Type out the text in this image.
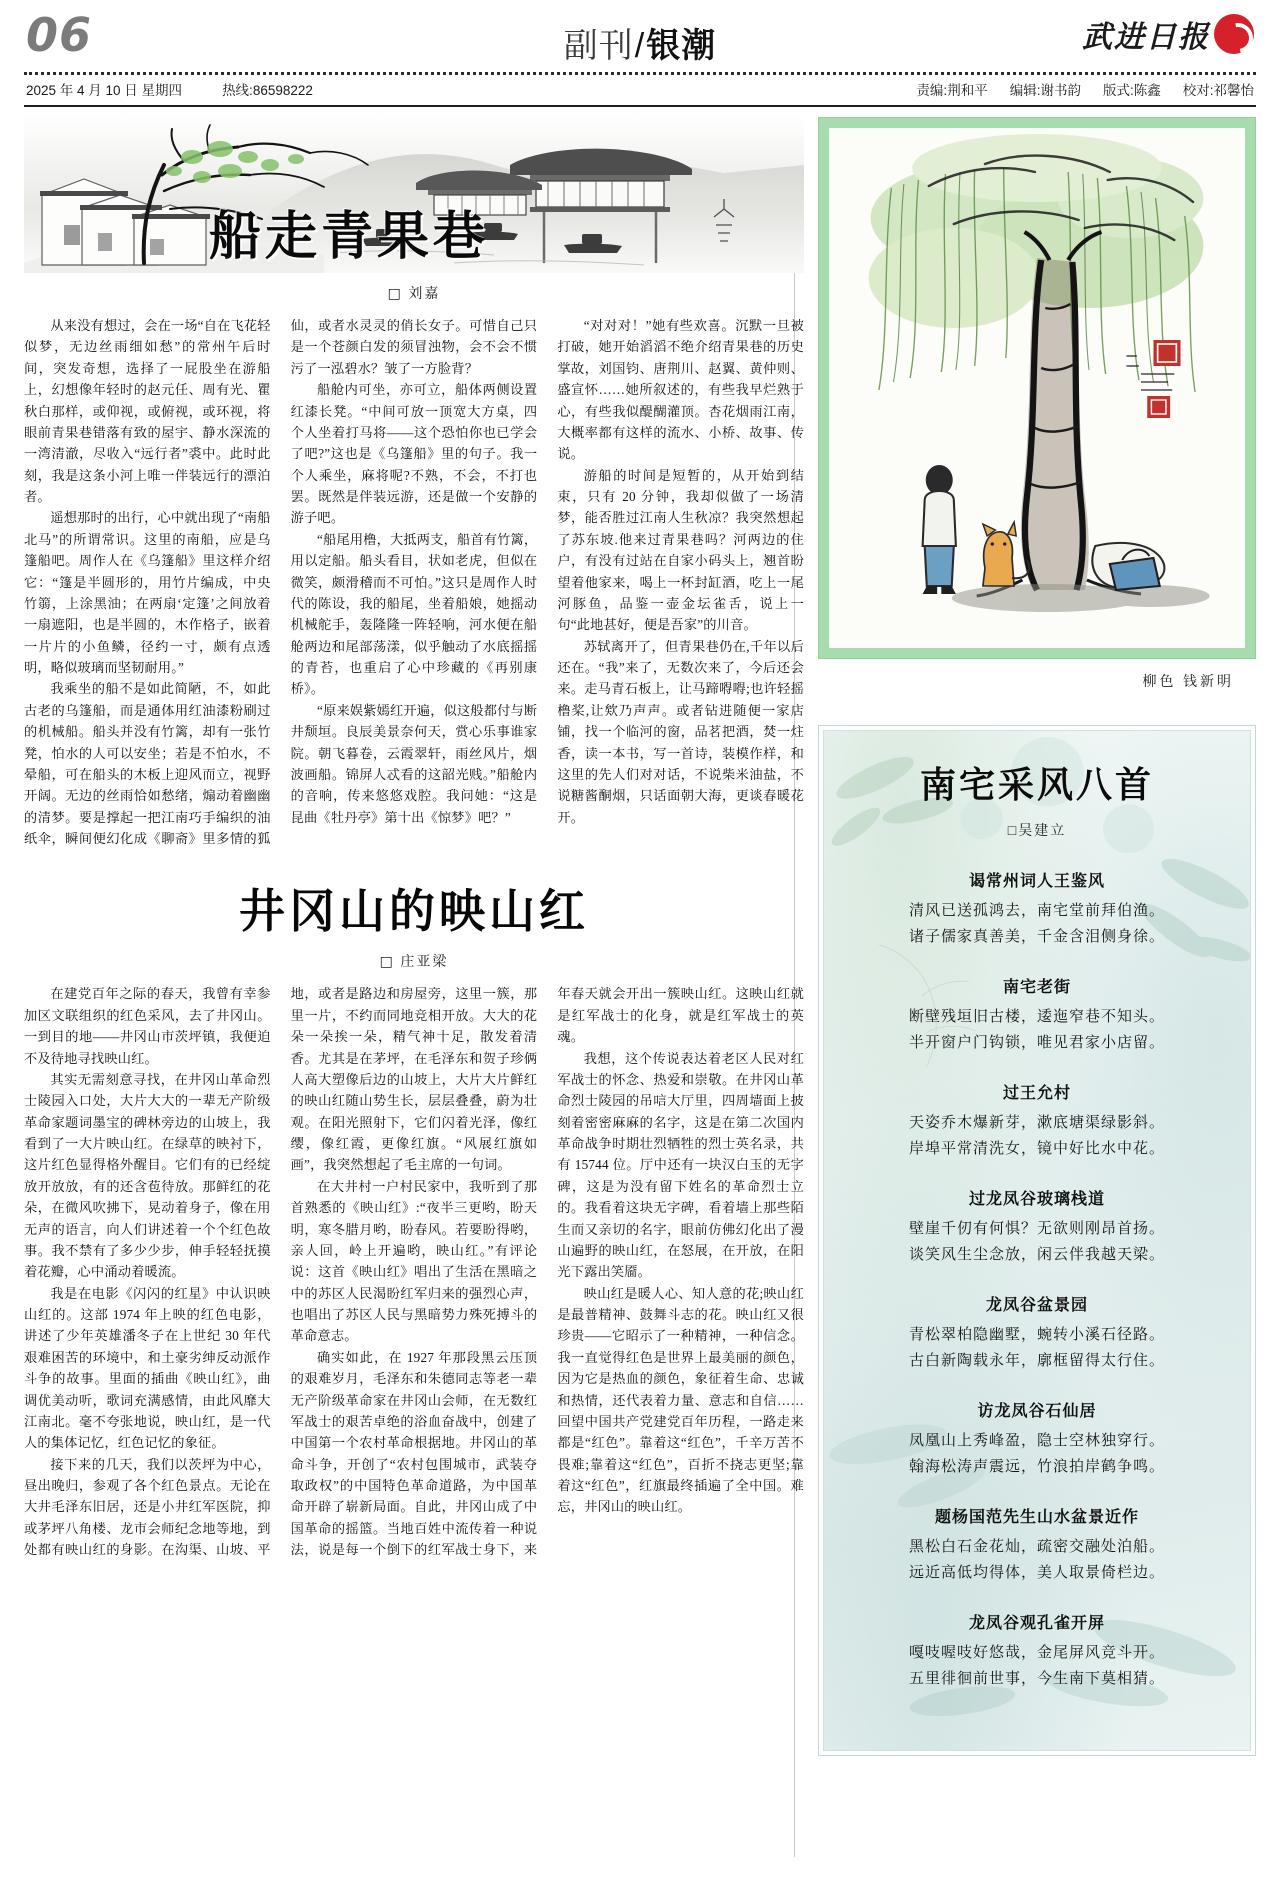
06	副刊/银潮	武进日报
2025 年 4 月 10 日 星期四	热线:86598222	责编:荆和平 编辑:谢书韵 版式:陈鑫 校对:祁馨怡
船走青果巷
□ 刘嘉

从来没有想过，会在一场“自在飞花轻似梦，无边丝雨细如愁”的常州午后时间，突发奇想，选择了一屁股坐在游船上，幻想像年轻时的赵元任、周有光、瞿秋白那样，或仰视，或俯视，或环视，将眼前青果巷错落有致的屋宇、静水深流的一湾清澈，尽收入“远行者”裘中。此时此刻，我是这条小河上唯一伴装远行的漂泊者。

遥想那时的出行，心中就出现了“南船北马”的所谓常识。这里的南船，应是乌篷船吧。周作人在《乌篷船》里这样介绍它：“篷是半圆形的，用竹片编成，中央竹篛，上涂黑油；在两扇‘定篷’之间放着一扇遮阳，也是半圆的，木作格子，嵌着一片片的小鱼鳞，径约一寸，颇有点透明，略似玻璃而坚韧耐用。”

我乘坐的船不是如此简陋，不，如此古老的乌篷船，而是通体用红油漆粉刷过的机械船。船头并没有竹篱，却有一张竹凳，怕水的人可以安坐；若是不怕水，不晕船，可在船头的木板上迎风而立，视野开阔。无边的丝雨恰如愁绪，煽动着幽幽的清梦。要是撑起一把江南巧手编织的油纸伞，瞬间便幻化成《聊斋》里多情的狐仙，或者水灵灵的俏长女子。可惜自己只是一个苍颜白发的须冒浊物，会不会不惯污了一泓碧水？皱了一方脸背？

船舱内可坐，亦可立，船体两侧设置红漆长凳。“中间可放一顶宽大方桌，四个人坐着打马将——这个恐怕你也已学会了吧?”这也是《乌篷船》里的句子。我一个人乘坐，麻将呢?不熟，不会，不打也罢。既然是伴装远游，还是做一个安静的游子吧。

“船尾用橹，大抵两支，船首有竹篱，用以定船。船头看目，状如老虎，但似在微笑，颇滑稽而不可怕。”这只是周作人时代的陈设，我的船尾，坐着船娘，她摇动机械舵手，轰隆隆一阵轻响，河水便在船舱两边和尾部荡漾，似乎触动了水底摇摇的青苔，也重启了心中珍藏的《再别康桥》。

“原来娱紫嫣红开遍，似这般都付与断井颓垣。良辰美景奈何天，赏心乐事谁家院。朝飞暮卷，云霞翠轩，雨丝风片，烟波画船。锦屏人忒看的这韶光贱。”船舱内的音响，传来悠悠戏腔。我问她：“这是昆曲《牡丹亭》第十出《惊梦》吧？”

“对对对！”她有些欢喜。沉默一旦被打破，她开始滔滔不绝介绍青果巷的历史掌故，刘国钧、唐荆川、赵翼、黄仲则、盛宣怀……她所叙述的，有些我早烂熟于心，有些我似醍醐灌顶。杏花烟雨江南，大概率都有这样的流水、小桥、故事、传说。

游船的时间是短暂的，从开始到结束，只有 20 分钟，我却似做了一场清梦，能否胜过江南人生秋凉？我突然想起了苏东坡.他来过青果巷吗？河两边的住户，有没有过站在自家小码头上，翘首盼望着他家来，喝上一杯封缸酒，吃上一尾河豚鱼，品鉴一壶金坛雀舌，说上一句“此地甚好，便是吾家”的川音。

苏轼离开了，但青果巷仍在,千年以后还在。“我”来了，无数次来了，今后还会来。走马青石板上，让马蹄嘚嘚;也许轻摇橹桨,让欸乃声声。或者钻进随便一家店铺，找一个临河的窗，品茗把酒，焚一炷香，读一本书，写一首诗，装模作样，和这里的先人们对对话，不说柴米油盐，不说糖酱酮烟，只话面朝大海，更谈春暖花开。

井冈山的映山红
□ 庄亚梁

在建党百年之际的春天，我曾有幸参加区文联组织的红色采风，去了井冈山。一到目的地——井冈山市茨坪镇，我便迫不及待地寻找映山红。

其实无需刻意寻找，在井冈山革命烈士陵园入口处，大片大大的一辈无产阶级革命家题词墨宝的碑林旁边的山坡上，我看到了一大片映山红。在绿草的映衬下，这片红色显得格外醒目。它们有的已经绽放开放放，有的还含苞待放。那鲜红的花朵，在微风吹拂下，晃动着身子，像在用无声的语言，向人们讲述着一个个红色故事。我不禁有了多少少步，伸手轻轻抚摸着花瓣，心中涌动着暖流。

我是在电影《闪闪的红星》中认识映山红的。这部 1974 年上映的红色电影，讲述了少年英雄潘冬子在上世纪 30 年代艰难困苦的环境中，和土豪劣绅反动派作斗争的故事。里面的插曲《映山红》，曲调优美动听，歌词充满感情，由此风靡大江南北。毫不夸张地说，映山红，是一代人的集体记忆，红色记忆的象征。

接下来的几天，我们以茨坪为中心，昼出晚归，参观了各个红色景点。无论在大井毛泽东旧居，还是小井红军医院，抑或茅坪八角楼、龙市会师纪念地等地，到处都有映山红的身影。在沟渠、山坡、平地，或者是路边和房屋旁，这里一簇，那里一片，不约而同地竞相开放。大大的花朵一朵挨一朵，精气神十足，散发着清香。尤其是在茅坪，在毛泽东和贺子珍俩人高大塑像后边的山坡上，大片大片鲜红的映山红随山势生长，层层叠叠，蔚为壮观。在阳光照射下，它们闪着光泽，像红缨，像红霞，更像红旗。“风展红旗如画”，我突然想起了毛主席的一句词。

在大井村一户村民家中，我听到了那首熟悉的《映山红》:“夜半三更哟，盼天明，寒冬腊月哟，盼春风。若要盼得哟，亲人回，岭上开遍哟，映山红。”有评论说：这首《映山红》唱出了生活在黑暗之中的苏区人民渴盼红军归来的强烈心声，也唱出了苏区人民与黑暗势力殊死搏斗的革命意志。

确实如此，在 1927 年那段黑云压顶的艰难岁月，毛泽东和朱德同志等老一辈无产阶级革命家在井冈山会师，在无数红军战士的艰苦卓绝的浴血奋战中，创建了中国第一个农村革命根据地。井冈山的革命斗争，开创了“农村包围城市，武装夺取政权”的中国特色革命道路，为中国革命开辟了崭新局面。自此，井冈山成了中国革命的摇篮。当地百姓中流传着一种说法，说是每一个倒下的红军战士身下，来年春天就会开出一簇映山红。这映山红就是红军战士的化身，就是红军战士的英魂。

我想，这个传说表达着老区人民对红军战士的怀念、热爱和崇敬。在井冈山革命烈士陵园的吊唁大厅里，四周墙面上披刻着密密麻麻的名字，这是在第二次国内革命战争时期壮烈牺牲的烈士英名录，共有 15744 位。厅中还有一块汉白玉的无字碑，这是为没有留下姓名的革命烈士立的。我看着这块无字碑，看着墙上那些陌生而又亲切的名字，眼前仿佛幻化出了漫山遍野的映山红，在怒展，在开放，在阳光下露出笑靥。

映山红是暖人心、知人意的花;映山红是最普精神、鼓舞斗志的花。映山红又很珍贵——它昭示了一种精神，一种信念。我一直觉得红色是世界上最美丽的颜色，因为它是热血的颜色，象征着生命、忠诚和热情，还代表着力量、意志和自信……回望中国共产党建党百年历程，一路走来都是“红色”。靠着这“红色”，千辛万苦不畏难;靠着这“红色”，百折不挠志更坚;靠着这“红色”，红旗最终插遍了全中国。难忘，井冈山的映山红。

柳色 钱新明
南宅采风八首
□吴建立
谒常州词人王鉴风
清风已送孤鸿去，南宅堂前拜伯渔。
诸子儒家真善美，千金含泪侧身徐。
南宅老街
断壁残垣旧古楼，逶迤窄巷不知头。
半开窗户门钩锁，唯见君家小店留。
过王允村
天姿乔木爆新芽，漱底塘渠绿影斜。
岸埠平常清洗女，镜中好比水中花。
过龙凤谷玻璃栈道
壁崖千仞有何惧？无欲则刚昂首扬。
谈笑风生尘念放，闲云伴我越天梁。
龙凤谷盆景园
青松翠柏隐幽墅，蜿转小溪石径路。
古白新陶载永年，廓框留得太行住。
访龙凤谷石仙居
凤凰山上秀峰盈，隐士空林独穿行。
翰海松涛声震远，竹浪拍岸鹤争鸣。
题杨国范先生山水盆景近作
黑松白石金花灿，疏密交融处泊船。
远近高低均得体，美人取景倚栏边。
龙凤谷观孔雀开屏
嘎吱喔吱好悠哉，金尾屏风竞斗开。
五里徘徊前世事，今生南下莫相猜。
